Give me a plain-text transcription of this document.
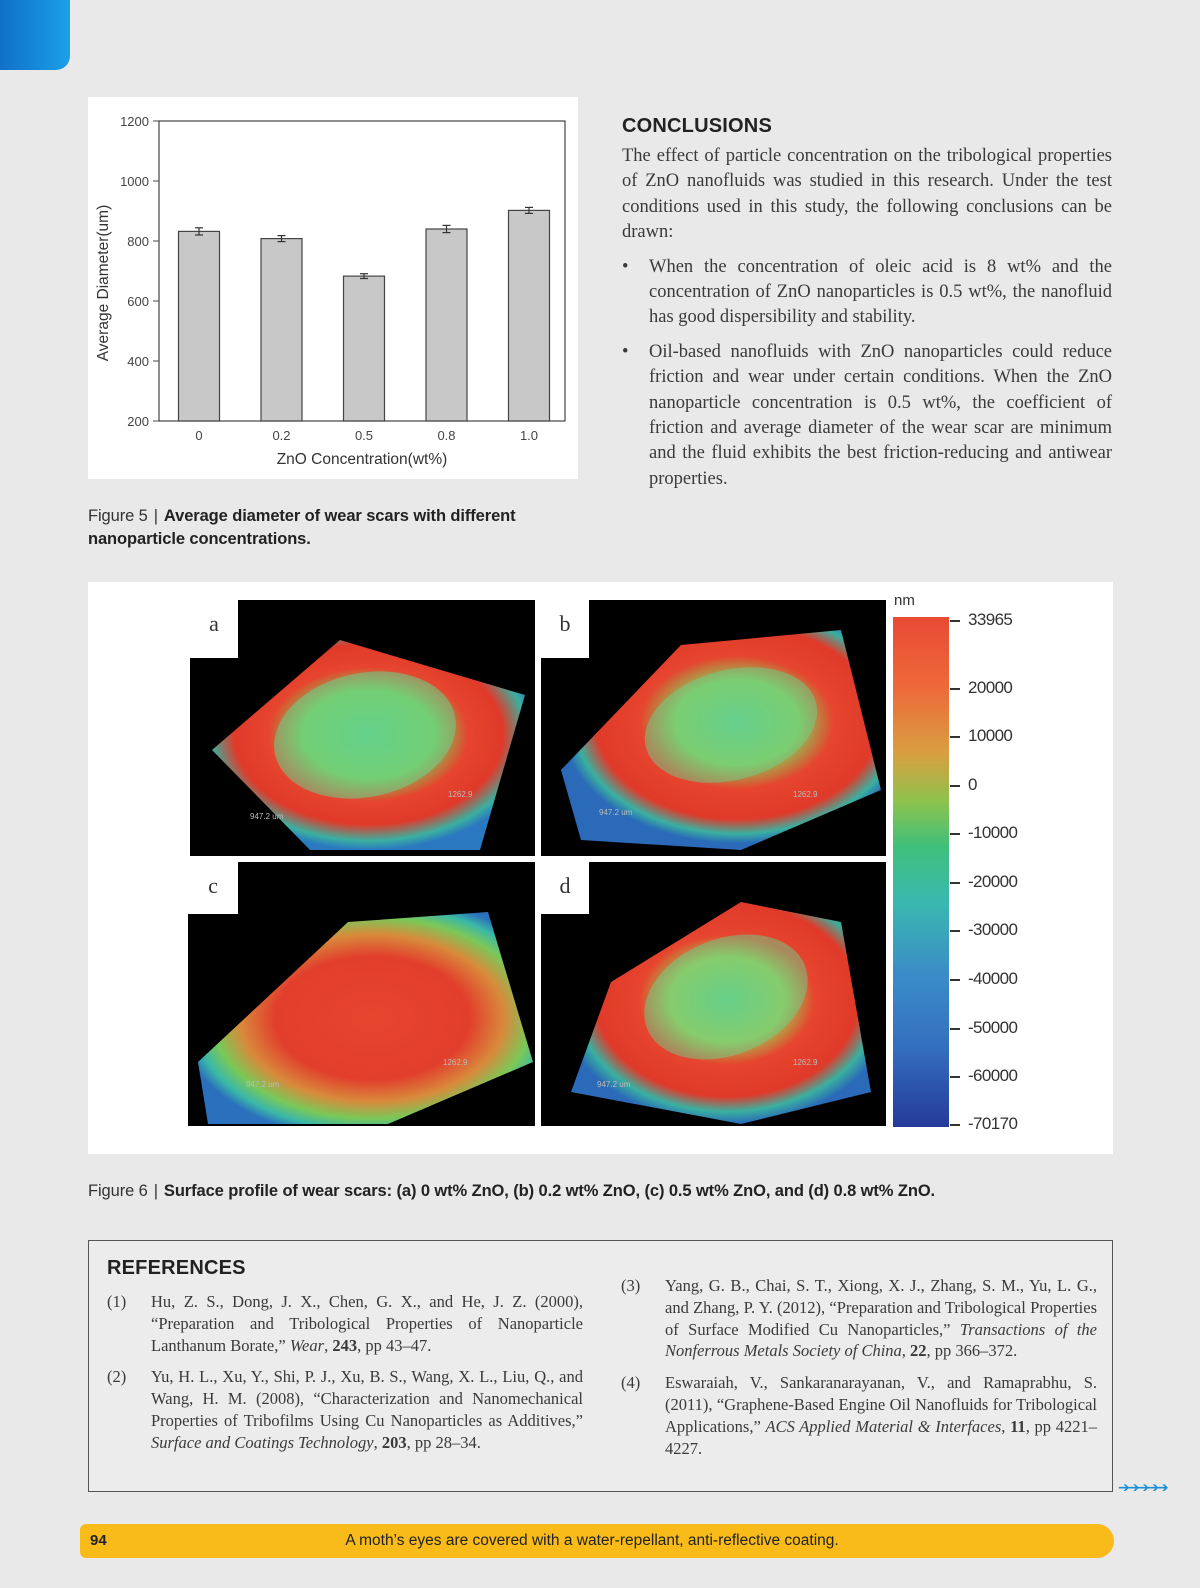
200
400
600
800
1000
1200
0	0.2	0.5	0.8	1.0
ZnO Concentration(wt%)
Average Diameter(um)
Figure 5 | Average diameter of wear scars with different nanoparticle concentrations.
CONCLUSIONS

The effect of particle concentration on the tribological properties of ZnO nanofluids was studied in this research. Under the test conditions used in this study, the following conclusions can be drawn:

• When the concentration of oleic acid is 8 wt% and the concentration of ZnO nanoparticles is 0.5 wt%, the nanofluid has good dispersibility and stability.
• Oil-based nanofluids with ZnO nanoparticles could reduce friction and wear under certain conditions. When the ZnO nanoparticle concentration is 0.5 wt%, the coefficient of friction and average diameter of the wear scar are minimum and the fluid exhibits the best friction-reducing and antiwear properties.
947.2 um
1262.9
a
947.2 um
1262.9
b
947.2 um
1262.9
c
947.2 um
1262.9
d
nm
33965
20000
10000
0
-10000
-20000
-30000
-40000
-50000
-60000
-70170
Figure 6 | Surface profile of wear scars: (a) 0 wt% ZnO, (b) 0.2 wt% ZnO, (c) 0.5 wt% ZnO, and (d) 0.8 wt% ZnO.
REFERENCES
(1) Hu, Z. S., Dong, J. X., Chen, G. X., and He, J. Z. (2000), “Preparation and Tribological Properties of Nanoparticle Lanthanum Borate,” Wear, 243, pp 43–47.
(2) Yu, H. L., Xu, Y., Shi, P. J., Xu, B. S., Wang, X. L., Liu, Q., and Wang, H. M. (2008), “Characterization and Nanomechanical Properties of Tribofilms Using Cu Nanoparticles as Additives,” Surface and Coatings Technology, 203, pp 28–34.
(3) Yang, G. B., Chai, S. T., Xiong, X. J., Zhang, S. M., Yu, L. G., and Zhang, P. Y. (2012), “Preparation and Tribological Properties of Surface Modified Cu Nanoparticles,” Transactions of the Nonferrous Metals Society of China, 22, pp 366–372.
(4) Eswaraiah, V., Sankaranarayanan, V., and Ramaprabhu, S. (2011), “Graphene-Based Engine Oil Nanofluids for Tribological Applications,” ACS Applied Material & Interfaces, 11, pp 4221–4227.
➔➔➔➔➔
94	A moth’s eyes are covered with a water-repellant, anti-reflective coating.
